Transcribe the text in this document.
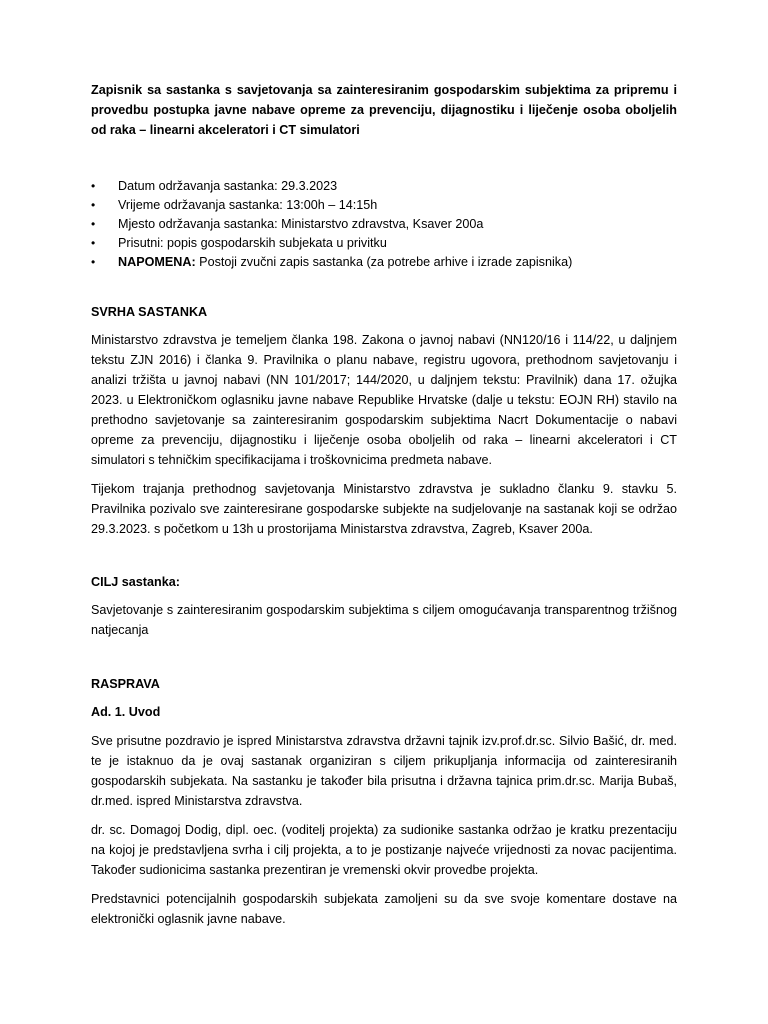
Zapisnik sa sastanka s savjetovanja sa zainteresiranim gospodarskim subjektima za pripremu i provedbu postupka javne nabave opreme za prevenciju, dijagnostiku i liječenje osoba oboljelih od raka – linearni akceleratori i CT simulatori

• Datum održavanja sastanka: 29.3.2023
• Vrijeme održavanja sastanka: 13:00h – 14:15h
• Mjesto održavanja sastanka: Ministarstvo zdravstva, Ksaver 200a
• Prisutni: popis gospodarskih subjekata u privitku
• NAPOMENA: Postoji zvučni zapis sastanka (za potrebe arhive i izrade zapisnika)

SVRHA SASTANKA

Ministarstvo zdravstva je temeljem članka 198. Zakona o javnoj nabavi (NN120/16 i 114/22, u daljnjem tekstu ZJN 2016) i članka 9. Pravilnika o planu nabave, registru ugovora, prethodnom savjetovanju i analizi tržišta u javnoj nabavi (NN 101/2017; 144/2020, u daljnjem tekstu: Pravilnik) dana 17. ožujka 2023. u Elektroničkom oglasniku javne nabave Republike Hrvatske (dalje u tekstu: EOJN RH) stavilo na prethodno savjetovanje sa zainteresiranim gospodarskim subjektima Nacrt Dokumentacije o nabavi opreme za prevenciju, dijagnostiku i liječenje osoba oboljelih od raka – linearni akceleratori i CT simulatori s tehničkim specifikacijama i troškovnicima predmeta nabave.

Tijekom trajanja prethodnog savjetovanja Ministarstvo zdravstva je sukladno članku 9. stavku 5. Pravilnika pozivalo sve zainteresirane gospodarske subjekte na sudjelovanje na sastanak koji se održao 29.3.2023. s početkom u 13h u prostorijama Ministarstva zdravstva, Zagreb, Ksaver 200a.

CILJ sastanka:

Savjetovanje s zainteresiranim gospodarskim subjektima s ciljem omogućavanja transparentnog tržišnog natjecanja

RASPRAVA

Ad. 1. Uvod

Sve prisutne pozdravio je ispred Ministarstva zdravstva državni tajnik izv.prof.dr.sc. Silvio Bašić, dr. med. te je istaknuo da je ovaj sastanak organiziran s ciljem prikupljanja informacija od zainteresiranih gospodarskih subjekata. Na sastanku je također bila prisutna i državna tajnica prim.dr.sc. Marija Bubaš, dr.med. ispred Ministarstva zdravstva.

dr. sc. Domagoj Dodig, dipl. oec. (voditelj projekta) za sudionike sastanka održao je kratku prezentaciju na kojoj je predstavljena svrha i cilj projekta, a to je postizanje najveće vrijednosti za novac pacijentima. Također sudionicima sastanka prezentiran je vremenski okvir provedbe projekta.

Predstavnici potencijalnih gospodarskih subjekata zamoljeni su da sve svoje komentare dostave na elektronički oglasnik javne nabave.
